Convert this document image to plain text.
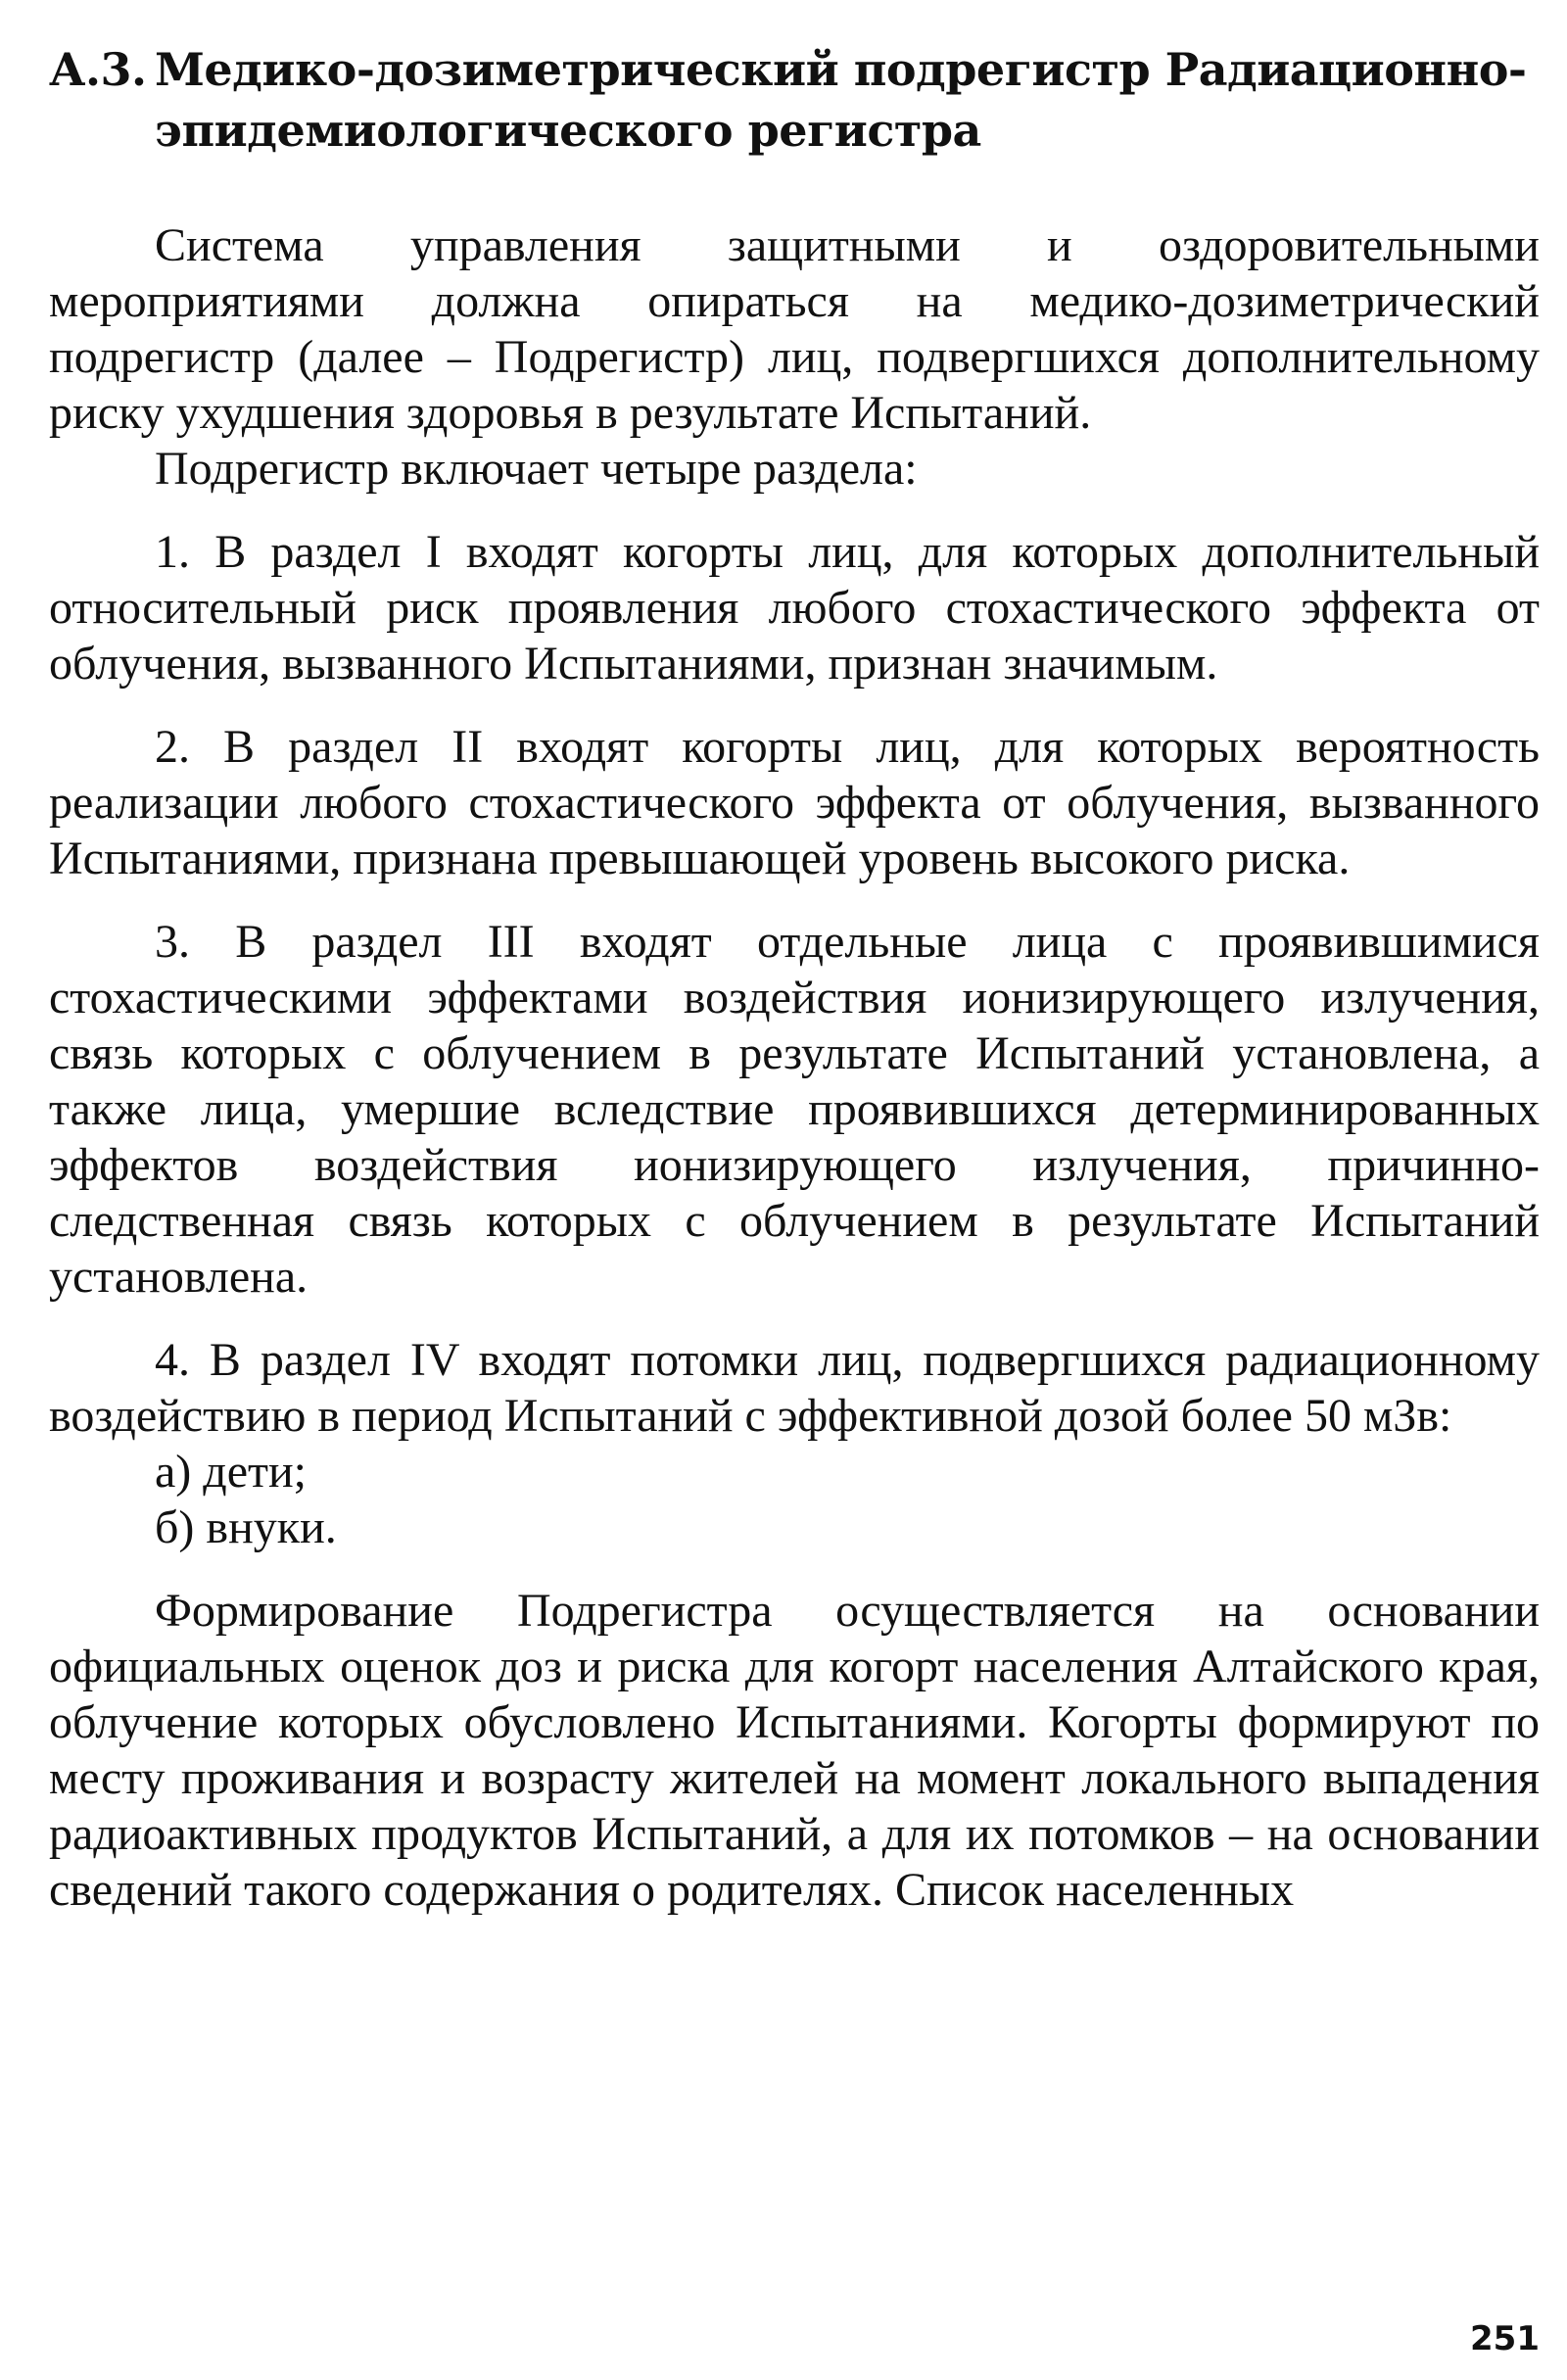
А.3. Медико-дозиметрический подрегистр Радиационно-эпидемиологического регистра

Система управления защитными и оздоровительными мероприятиями должна опираться на медико-дозиметрический подрегистр (далее – Подрегистр) лиц, подвергшихся дополнительному риску ухудшения здоровья в результате Испытаний.

Подрегистр включает четыре раздела:

1. В раздел I входят когорты лиц, для которых дополнительный относительный риск проявления любого стохастического эффекта от облучения, вызванного Испытаниями, признан значимым.

2. В раздел II входят когорты лиц, для которых вероятность реализации любого стохастического эффекта от облучения, вызванного Испытаниями, признана превышающей уровень высокого риска.

3. В раздел III входят отдельные лица с проявившимися стохастическими эффектами воздействия ионизирующего излучения, связь которых с облучением в результате Испытаний установлена, а также лица, умершие вследствие проявившихся детерминированных эффектов воздействия ионизирующего излучения, причинно-следственная связь которых с облучением в результате Испытаний установлена.

4. В раздел IV входят потомки лиц, подвергшихся радиационному воздействию в период Испытаний с эффективной дозой более 50 мЗв:

а) дети;
б) внуки.

Формирование Подрегистра осуществляется на основании официальных оценок доз и риска для когорт населения Алтайского края, облучение которых обусловлено Испытаниями. Когорты формируют по месту проживания и возрасту жителей на момент локального выпадения радиоактивных продуктов Испытаний, а для их потомков – на основании сведений такого содержания о родителях. Список населенных

251
